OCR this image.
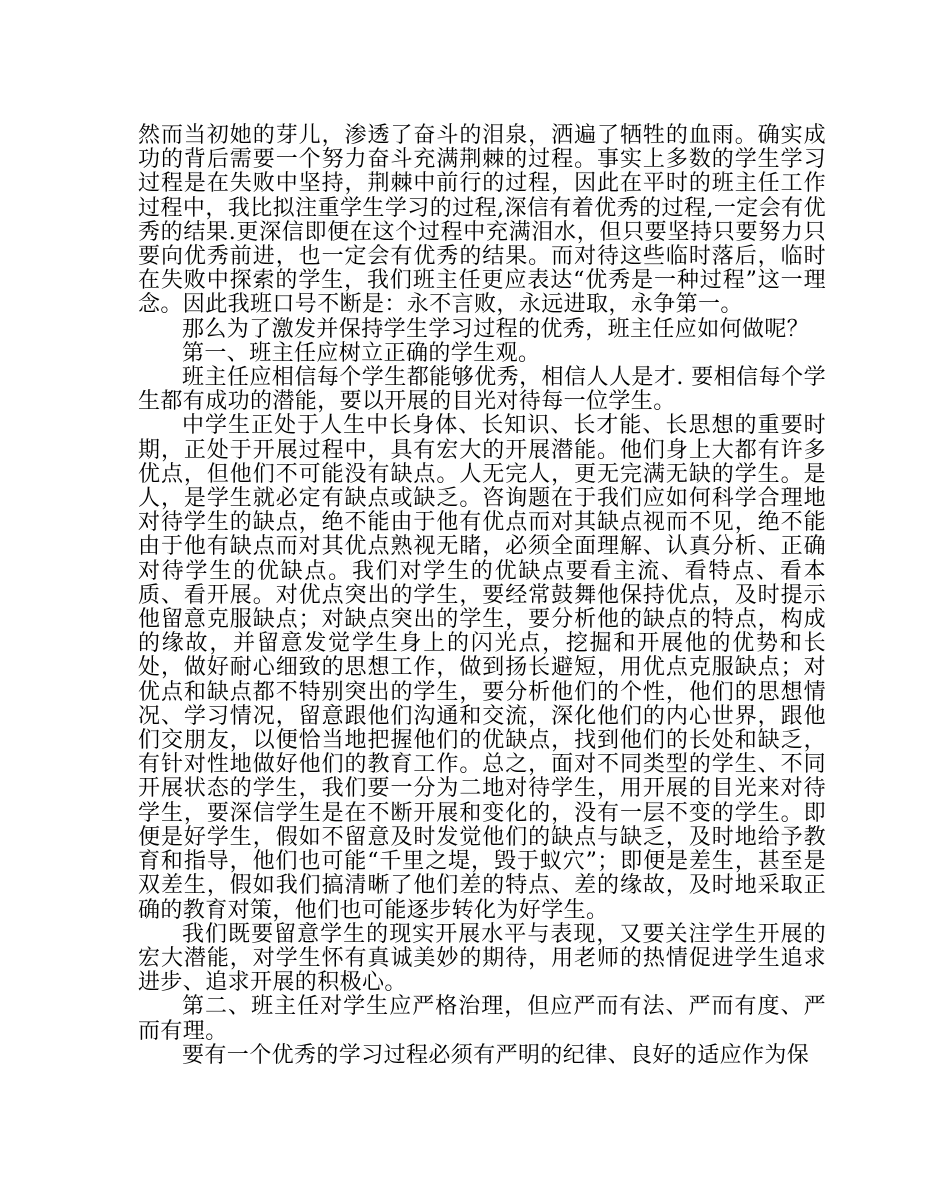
然而当初她的芽儿，渗透了奋斗的泪泉，洒遍了牺牲的血雨。确实成功的背后需要一个努力奋斗充满荆棘的过程。事实上多数的学生学习过程是在失败中坚持，荆棘中前行的过程，因此在平时的班主任工作过程中，我比拟注重学生学习的过程,深信有着优秀的过程,一定会有优秀的结果.更深信即便在这个过程中充满泪水，但只要坚持只要努力只要向优秀前进，也一定会有优秀的结果。而对待这些临时落后，临时在失败中探索的学生，我们班主任更应表达“优秀是一种过程”这一理念。因此我班口号不断是：永不言败，永远进取，永争第一。

那么为了激发并保持学生学习过程的优秀，班主任应如何做呢？

第一、班主任应树立正确的学生观。

班主任应相信每个学生都能够优秀，相信人人是才. 要相信每个学生都有成功的潜能，要以开展的目光对待每一位学生。

中学生正处于人生中长身体、长知识、长才能、长思想的重要时期，正处于开展过程中，具有宏大的开展潜能。他们身上大都有许多优点，但他们不可能没有缺点。人无完人，更无完满无缺的学生。是人，是学生就必定有缺点或缺乏。咨询题在于我们应如何科学合理地对待学生的缺点，绝不能由于他有优点而对其缺点视而不见，绝不能由于他有缺点而对其优点熟视无睹，必须全面理解、认真分析、正确对待学生的优缺点。我们对学生的优缺点要看主流、看特点、看本质、看开展。对优点突出的学生，要经常鼓舞他保持优点，及时提示他留意克服缺点；对缺点突出的学生，要分析他的缺点的特点，构成的缘故，并留意发觉学生身上的闪光点，挖掘和开展他的优势和长处，做好耐心细致的思想工作，做到扬长避短，用优点克服缺点；对优点和缺点都不特别突出的学生，要分析他们的个性，他们的思想情况、学习情况，留意跟他们沟通和交流，深化他们的内心世界，跟他们交朋友，以便恰当地把握他们的优缺点，找到他们的长处和缺乏，有针对性地做好他们的教育工作。总之，面对不同类型的学生、不同开展状态的学生，我们要一分为二地对待学生，用开展的目光来对待学生，要深信学生是在不断开展和变化的，没有一层不变的学生。即便是好学生，假如不留意及时发觉他们的缺点与缺乏，及时地给予教育和指导，他们也可能“千里之堤，毁于蚁穴”；即便是差生，甚至是双差生，假如我们搞清晰了他们差的特点、差的缘故，及时地采取正确的教育对策，他们也可能逐步转化为好学生。

我们既要留意学生的现实开展水平与表现，又要关注学生开展的宏大潜能，对学生怀有真诚美妙的期待，用老师的热情促进学生追求进步、追求开展的积极心。

第二、班主任对学生应严格治理，但应严而有法、严而有度、严而有理。

要有一个优秀的学习过程必须有严明的纪律、良好的适应作为保
